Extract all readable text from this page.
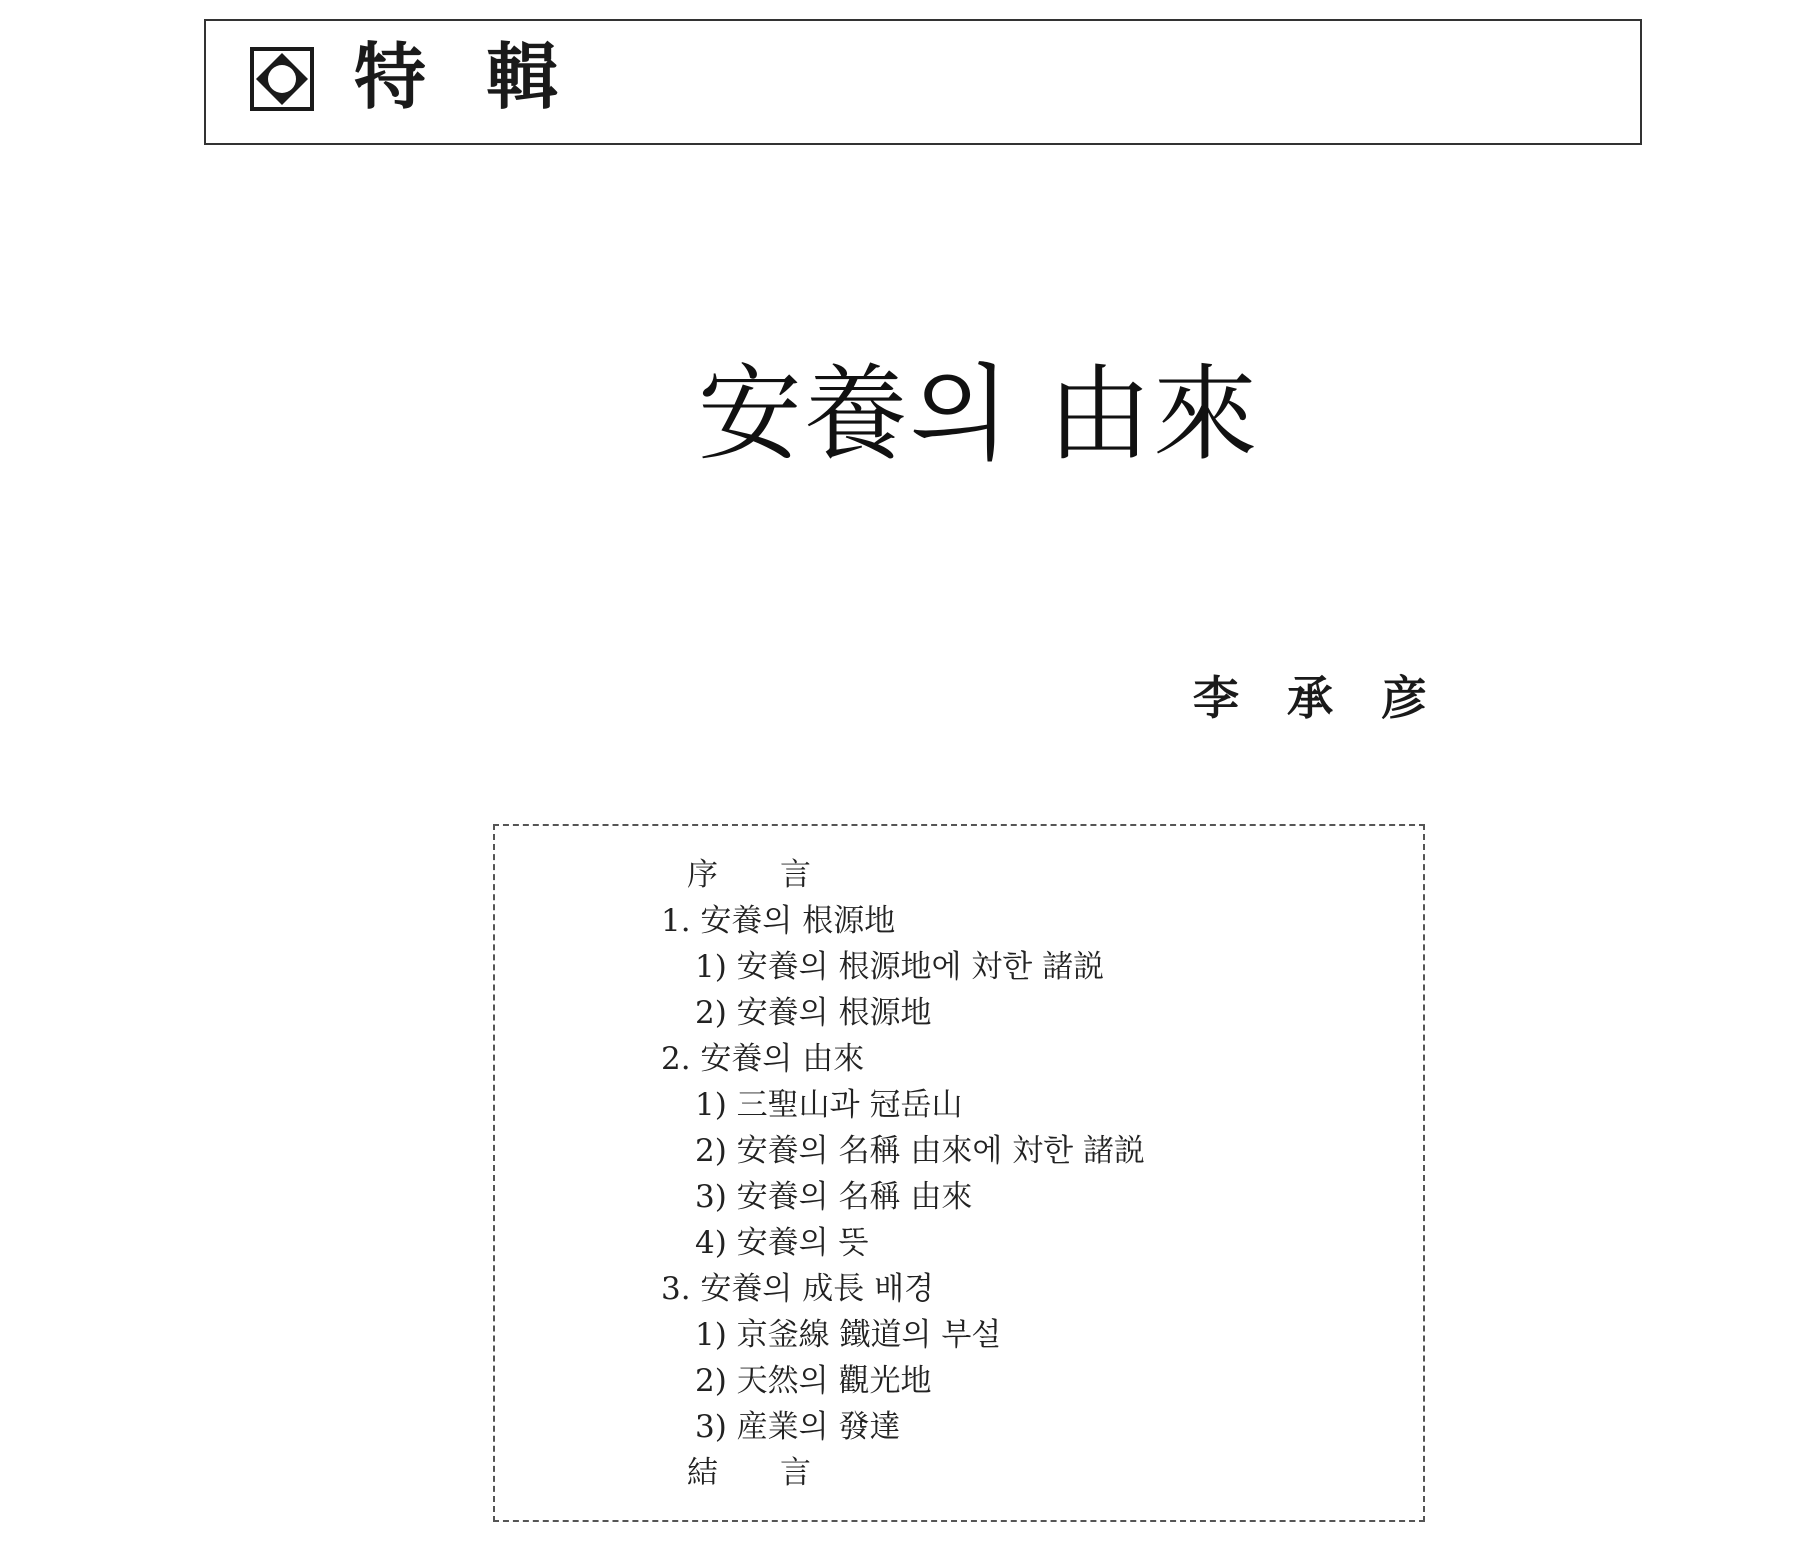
特輯
安養의 由來
李承彦
序　　言
1. 安養의 根源地
1) 安養의 根源地에 対한 諸説
2) 安養의 根源地
2. 安養의 由來
1) 三聖山과 冠岳山
2) 安養의 名稱 由來에 対한 諸説
3) 安養의 名稱 由來
4) 安養의 뜻
3. 安養의 成長 배경
1) 京釜線 鐵道의 부설
2) 天然의 觀光地
3) 産業의 發達
結　　言
